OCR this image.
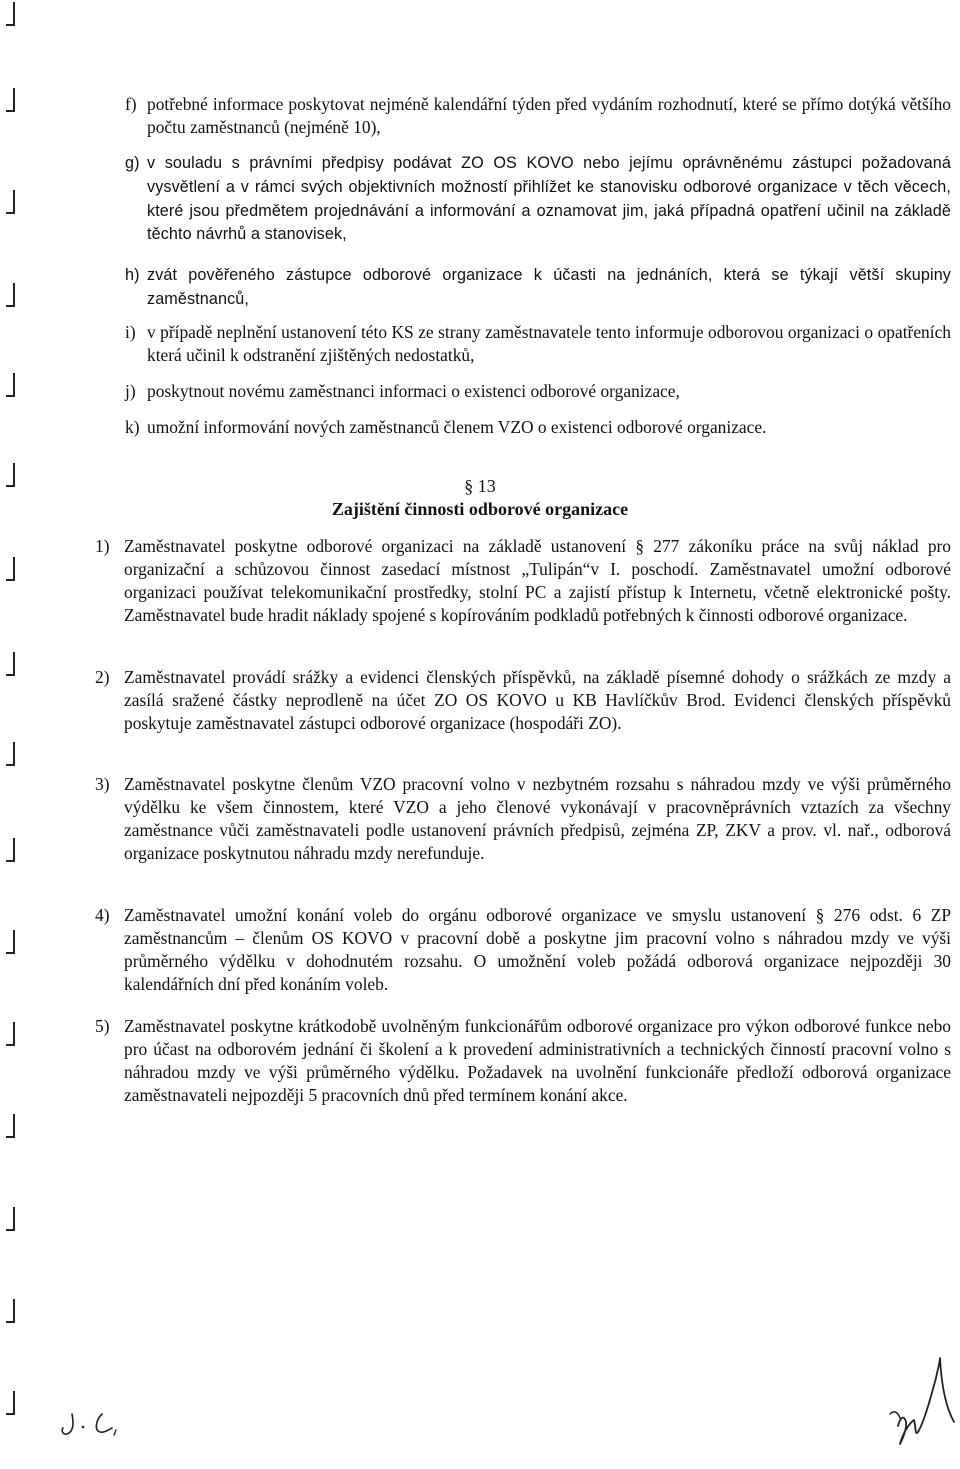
f) potřebné informace poskytovat nejméně kalendářní týden před vydáním rozhodnutí, které se přímo dotýká většího počtu zaměstnanců (nejméně 10),
g) v souladu s právními předpisy podávat ZO OS KOVO nebo jejímu oprávněnému zástupci požadovaná vysvětlení a v rámci svých objektivních možností přihlížet ke stanovisku odborové organizace v těch věcech, které jsou předmětem projednávání a informování a oznamovat jim, jaká případná opatření učinil na základě těchto návrhů a stanovisek,
h) zvát pověřeného zástupce odborové organizace k účasti na jednáních, která se týkají větší skupiny zaměstnanců,
i) v případě neplnění ustanovení této KS ze strany zaměstnavatele tento informuje odborovou organizaci o opatřeních která učinil k odstranění zjištěných nedostatků,
j) poskytnout novému zaměstnanci informaci o existenci odborové organizace,
k) umožní informování nových zaměstnanců členem VZO o existenci odborové organizace.
§ 13
Zajištění činnosti odborové organizace
1) Zaměstnavatel poskytne odborové organizaci na základě ustanovení § 277 zákoníku práce na svůj náklad pro organizační a schůzovou činnost zasedací místnost „Tulipán“v I. poschodí. Zaměstnavatel umožní odborové organizaci používat telekomunikační prostředky, stolní PC a zajistí přístup k Internetu, včetně elektronické pošty. Zaměstnavatel bude hradit náklady spojené s kopírováním podkladů potřebných k činnosti odborové organizace.
2) Zaměstnavatel provádí srážky a evidenci členských příspěvků, na základě písemné dohody o srážkách ze mzdy a zasílá sražené částky neprodleně na účet ZO OS KOVO u KB Havlíčkův Brod. Evidenci členských příspěvků poskytuje zaměstnavatel zástupci odborové organizace (hospodáři ZO).
3) Zaměstnavatel poskytne členům VZO pracovní volno v nezbytném rozsahu s náhradou mzdy ve výši průměrného výdělku ke všem činnostem, které VZO a jeho členové vykonávají v pracovněprávních vztazích za všechny zaměstnance vůči zaměstnavateli podle ustanovení právních předpisů, zejména ZP, ZKV a prov. vl. nař., odborová organizace poskytnutou náhradu mzdy nerefunduje.
4) Zaměstnavatel umožní konání voleb do orgánu odborové organizace ve smyslu ustanovení § 276 odst. 6 ZP zaměstnancům – členům OS KOVO v pracovní době a poskytne jim pracovní volno s náhradou mzdy ve výši průměrného výdělku v dohodnutém rozsahu. O umožnění voleb požádá odborová organizace nejpozději 30 kalendářních dní před konáním voleb.
5) Zaměstnavatel poskytne krátkodobě uvolněným funkcionářům odborové organizace pro výkon odborové funkce nebo pro účast na odborovém jednání či školení a k provedení administrativních a technických činností pracovní volno s náhradou mzdy ve výši průměrného výdělku. Požadavek na uvolnění funkcionáře předloží odborová organizace zaměstnavateli nejpozději 5 pracovních dnů před termínem konání akce.
